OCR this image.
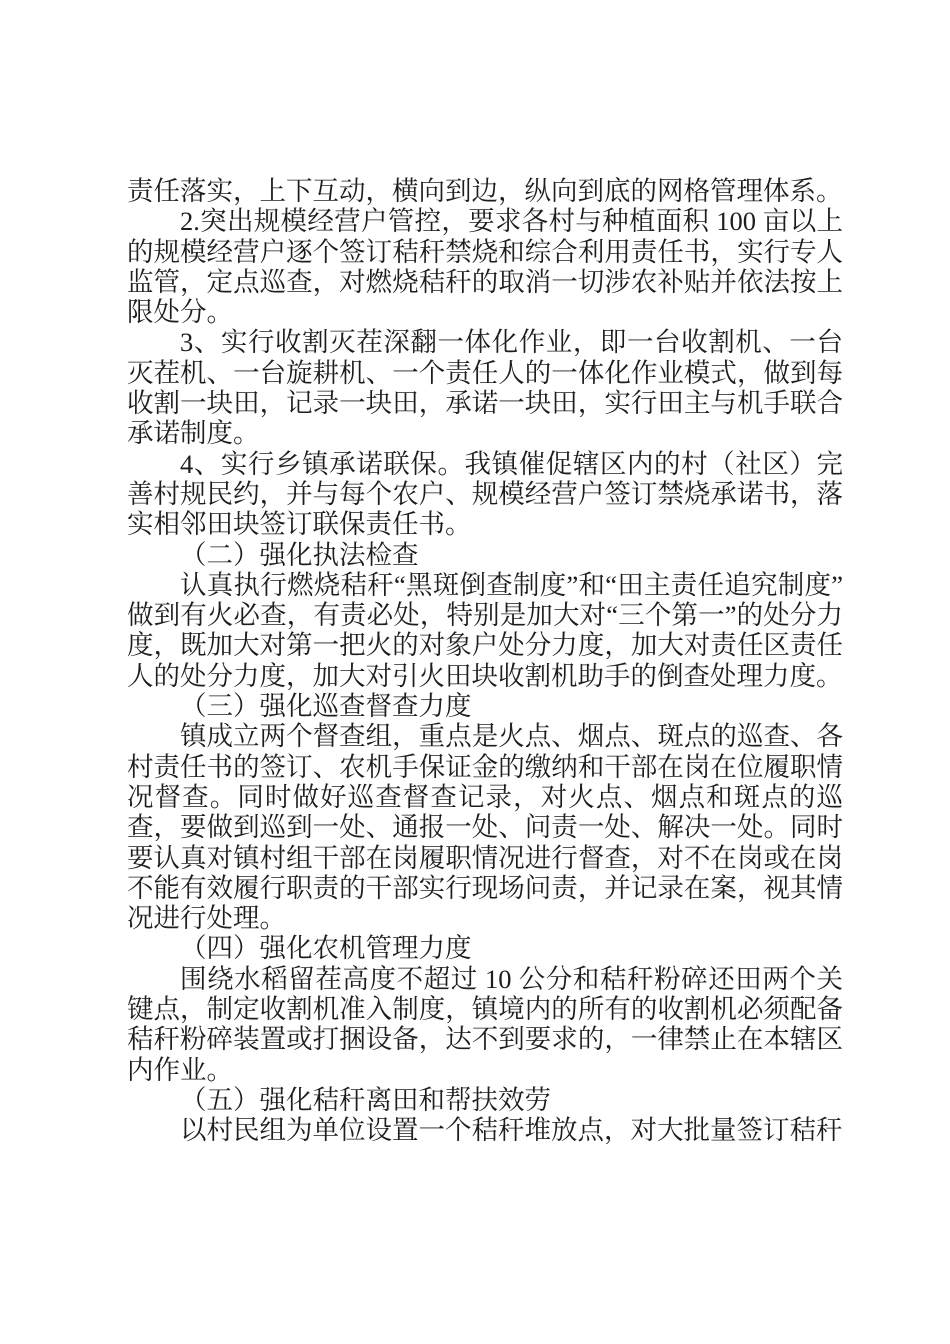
责任落实，上下互动，横向到边，纵向到底的网格管理体系。

2.突出规模经营户管控，要求各村与种植面积 100 亩以上的规模经营户逐个签订秸秆禁烧和综合利用责任书，实行专人监管，定点巡查，对燃烧秸秆的取消一切涉农补贴并依法按上限处分。

3、实行收割灭茬深翻一体化作业，即一台收割机、一台灭茬机、一台旋耕机、一个责任人的一体化作业模式，做到每收割一块田，记录一块田，承诺一块田，实行田主与机手联合承诺制度。

4、实行乡镇承诺联保。我镇催促辖区内的村（社区）完善村规民约，并与每个农户、规模经营户签订禁烧承诺书，落实相邻田块签订联保责任书。

（二）强化执法检查

认真执行燃烧秸秆“黑斑倒查制度”和“田主责任追究制度”做到有火必查，有责必处，特别是加大对“三个第一”的处分力度，既加大对第一把火的对象户处分力度，加大对责任区责任人的处分力度，加大对引火田块收割机助手的倒查处理力度。

（三）强化巡查督查力度

镇成立两个督查组，重点是火点、烟点、斑点的巡查、各村责任书的签订、农机手保证金的缴纳和干部在岗在位履职情况督查。同时做好巡查督查记录，对火点、烟点和斑点的巡查，要做到巡到一处、通报一处、问责一处、解决一处。同时要认真对镇村组干部在岗履职情况进行督查，对不在岗或在岗不能有效履行职责的干部实行现场问责，并记录在案，视其情况进行处理。

（四）强化农机管理力度

围绕水稻留茬高度不超过 10 公分和秸秆粉碎还田两个关键点，制定收割机准入制度，镇境内的所有的收割机必须配备秸秆粉碎装置或打捆设备，达不到要求的，一律禁止在本辖区内作业。

（五）强化秸秆离田和帮扶效劳

以村民组为单位设置一个秸秆堆放点，对大批量签订秸秆
